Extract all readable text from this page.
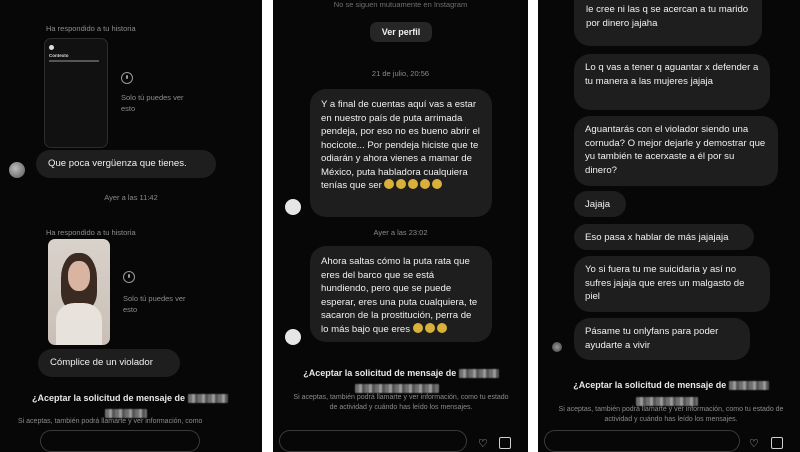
Ha respondido a tu historia
Contexto
Solo tú puedes ver esto
Que poca vergüenza que tienes.
Ayer a las 11:42
Ha respondido a tu historia
Solo tú puedes ver esto
Cómplice de un violador
¿Aceptar la solicitud de mensaje de
Si aceptas, también podrá llamarte y ver información, como
No se siguen mutuamente en Instagram
Ver perfil
21 de julio, 20:56
Y a final de cuentas aquí vas a estar en nuestro país de puta arrimada pendeja, por eso no es bueno abrir el hocicote... Por pendeja hiciste que te odiarán y ahora vienes a mamar de México, puta habladora cualquiera tenías que ser
Ayer a las 23:02
Ahora saltas cómo la puta rata que eres del barco que se está hundiendo, pero que se puede esperar, eres una puta cualquiera, te sacaron de la prostitución, perra de lo más bajo que eres
¿Aceptar la solicitud de mensaje de
Si aceptas, también podrá llamarte y ver información, como tu estado de actividad y cuándo has leído los mensajes.
♡
le cree ni las q se acercan a tu marido por dinero jajaha
Lo q vas a tener q aguantar x defender a tu manera a las mujeres jajaja
Aguantarás con el violador siendo una cornuda? O mejor dejarle y demostrar que yu también te acerxaste a él por su dinero?
Jajaja
Eso pasa x hablar de más jajajaja
Yo si fuera tu me suicidaria y así no sufres jajaja que eres un malgasto de piel
Pásame tu onlyfans para poder ayudarte a vivir
¿Aceptar la solicitud de mensaje de
Si aceptas, también podrá llamarte y ver información, como tu estado de actividad y cuándo has leído los mensajes.
♡
